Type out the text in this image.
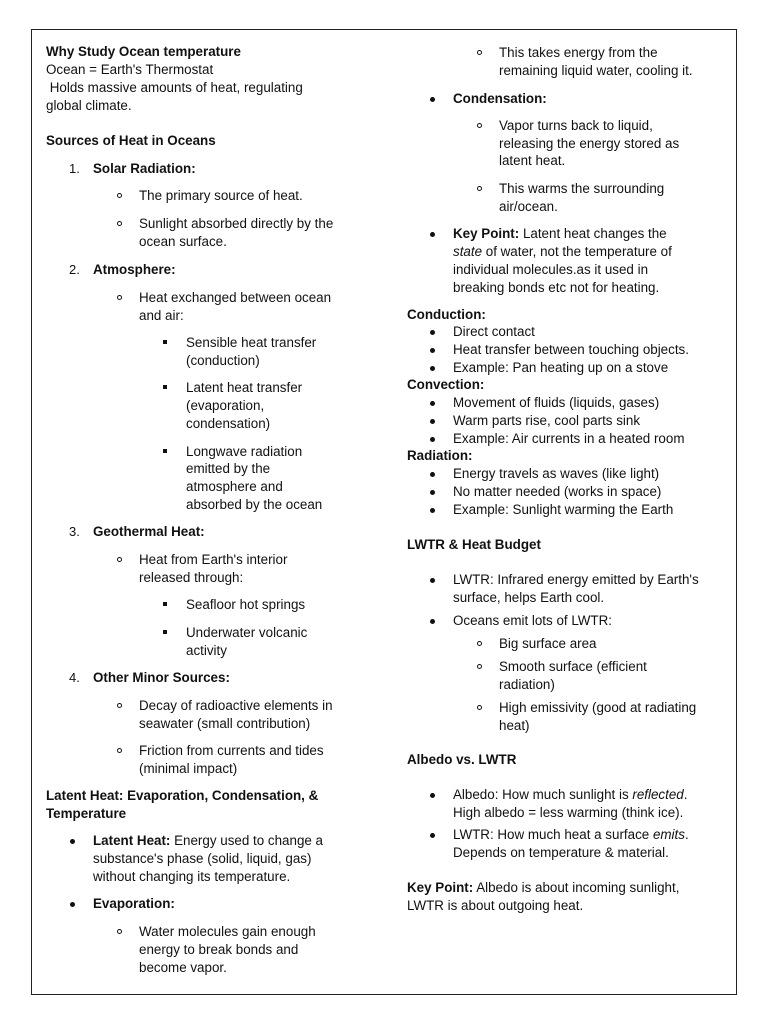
Why Study Ocean temperature

Ocean = Earth's Thermostat

Holds massive amounts of heat, regulating

global climate.

Sources of Heat in Oceans

1. Solar Radiation:

The primary source of heat.

Sunlight absorbed directly by the

ocean surface.

2. Atmosphere:

Heat exchanged between ocean

and air:

Sensible heat transfer

(conduction)

Latent heat transfer

(evaporation,

condensation)

Longwave radiation

emitted by the

atmosphere and

absorbed by the ocean

3. Geothermal Heat:

Heat from Earth's interior

released through:

Seafloor hot springs

Underwater volcanic

activity

4. Other Minor Sources:

Decay of radioactive elements in

seawater (small contribution)

Friction from currents and tides

(minimal impact)

Latent Heat: Evaporation, Condensation, &

Temperature

Latent Heat: Energy used to change a

substance's phase (solid, liquid, gas)

without changing its temperature.

Evaporation:

Water molecules gain enough

energy to break bonds and

become vapor.

This takes energy from the

remaining liquid water, cooling it.

Condensation:

Vapor turns back to liquid,

releasing the energy stored as

latent heat.

This warms the surrounding

air/ocean.

Key Point: Latent heat changes the

state of water, not the temperature of

individual molecules.as it used in

breaking bonds etc not for heating.

Conduction:

Direct contact

Heat transfer between touching objects.

Example: Pan heating up on a stove

Convection:

Movement of fluids (liquids, gases)

Warm parts rise, cool parts sink

Example: Air currents in a heated room

Radiation:

Energy travels as waves (like light)

No matter needed (works in space)

Example: Sunlight warming the Earth

LWTR & Heat Budget

LWTR: Infrared energy emitted by Earth's

surface, helps Earth cool.

Oceans emit lots of LWTR:

Big surface area

Smooth surface (efficient

radiation)

High emissivity (good at radiating

heat)

Albedo vs. LWTR

Albedo: How much sunlight is reflected.

High albedo = less warming (think ice).

LWTR: How much heat a surface emits.

Depends on temperature & material.

Key Point: Albedo is about incoming sunlight,

LWTR is about outgoing heat.
